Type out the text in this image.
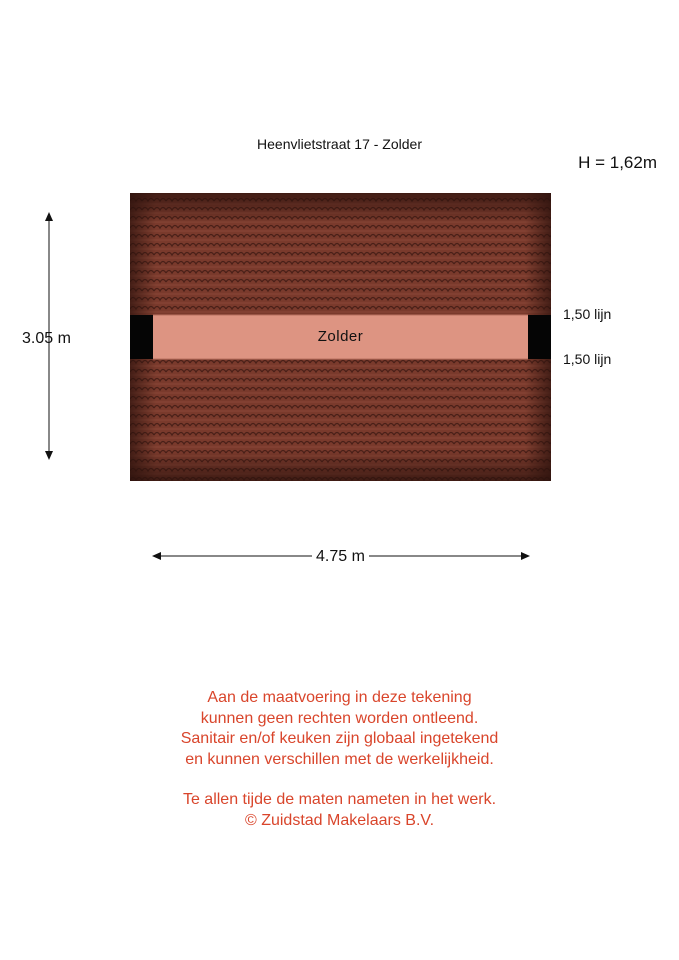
Heenvlietstraat 17 - Zolder
H = 1,62m
3.05 m	Zolder
1,50 lijn
1,50 lijn
4.75 m
Aan de maatvoering in deze tekening
kunnen geen rechten worden ontleend.
Sanitair en/of keuken zijn globaal ingetekend
en kunnen verschillen met de werkelijkheid.
Te allen tijde de maten nameten in het werk.
© Zuidstad Makelaars B.V.
